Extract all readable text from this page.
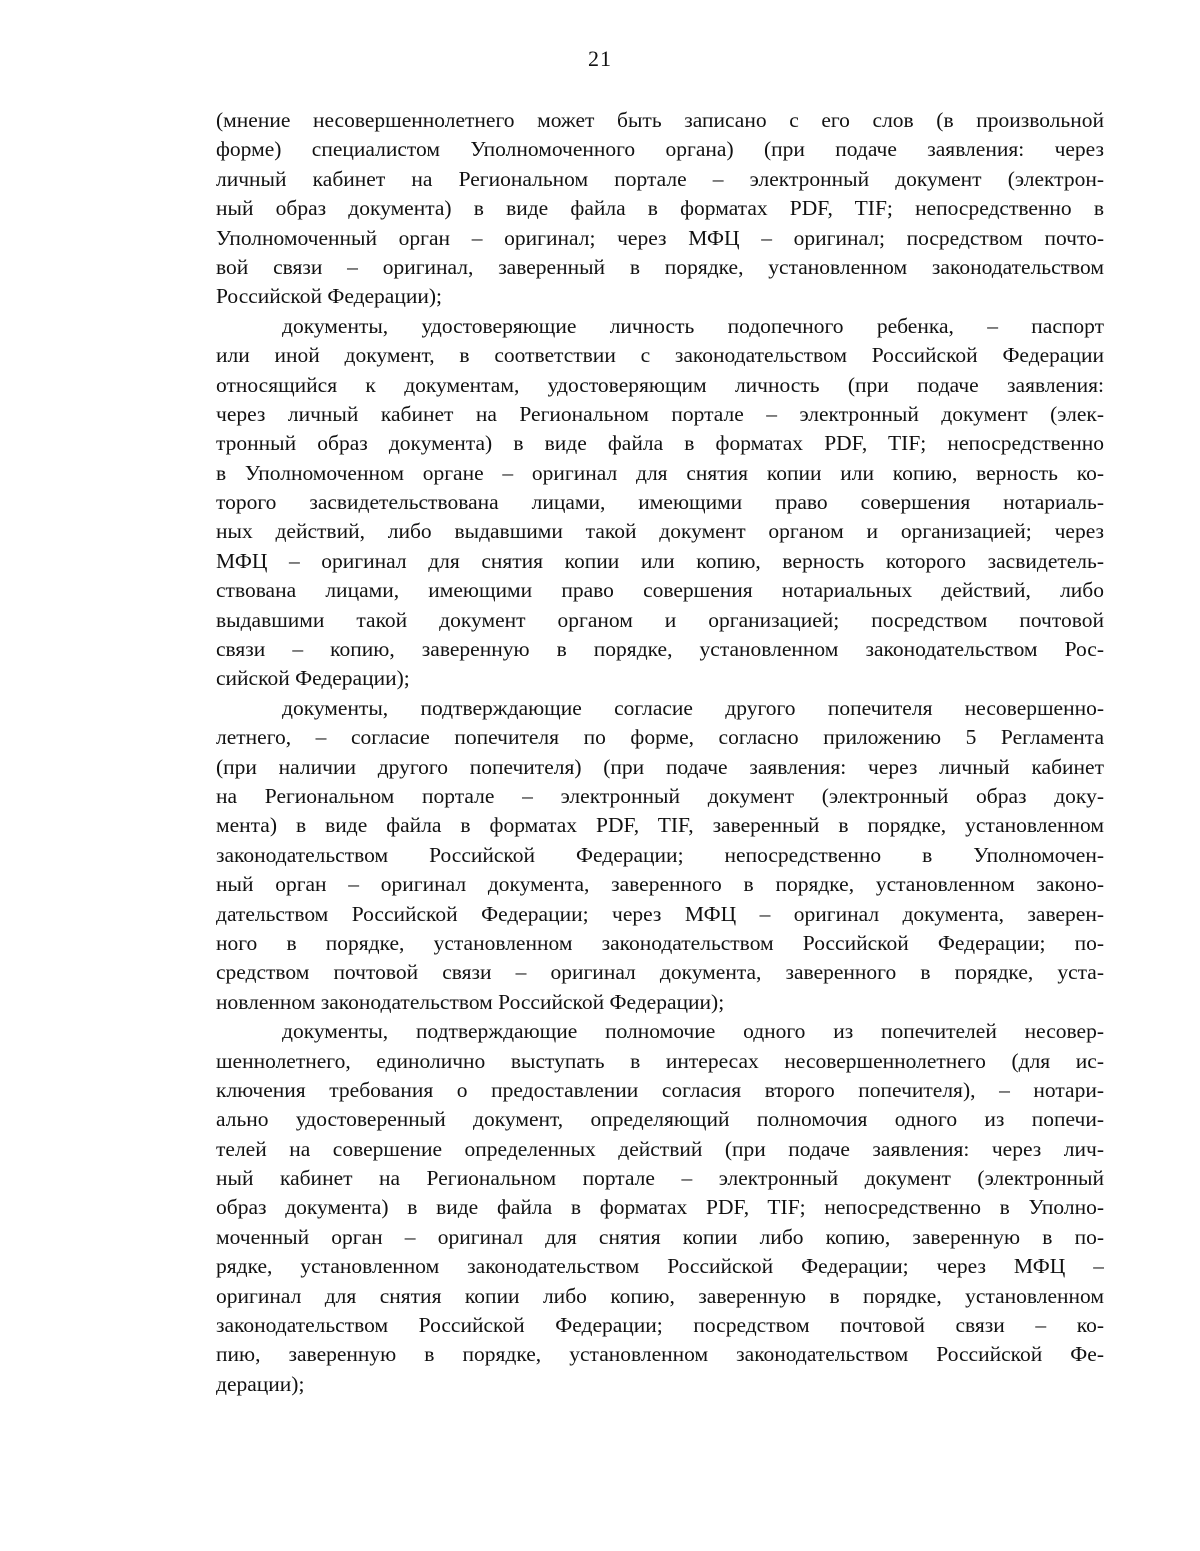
21
(мнение несовершеннолетнего может быть записано с его слов (в произвольной
форме) специалистом Уполномоченного органа) (при подаче заявления: через
личный кабинет на Региональном портале – электронный документ (электрон-
ный образ документа) в виде файла в форматах PDF, TIF; непосредственно в
Уполномоченный орган – оригинал; через МФЦ – оригинал; посредством почто-
вой связи – оригинал, заверенный в порядке, установленном законодательством
Российской Федерации);
документы, удостоверяющие личность подопечного ребенка, – паспорт
или иной документ, в соответствии с законодательством Российской Федерации
относящийся к документам, удостоверяющим личность (при подаче заявления:
через личный кабинет на Региональном портале – электронный документ (элек-
тронный образ документа) в виде файла в форматах PDF, TIF; непосредственно
в Уполномоченном органе – оригинал для снятия копии или копию, верность ко-
торого засвидетельствована лицами, имеющими право совершения нотариаль-
ных действий, либо выдавшими такой документ органом и организацией; через
МФЦ – оригинал для снятия копии или копию, верность которого засвидетель-
ствована лицами, имеющими право совершения нотариальных действий, либо
выдавшими такой документ органом и организацией; посредством почтовой
связи – копию, заверенную в порядке, установленном законодательством Рос-
сийской Федерации);
документы, подтверждающие согласие другого попечителя несовершенно-
летнего, – согласие попечителя по форме, согласно приложению 5 Регламента
(при наличии другого попечителя) (при подаче заявления: через личный кабинет
на Региональном портале – электронный документ (электронный образ доку-
мента) в виде файла в форматах PDF, TIF, заверенный в порядке, установленном
законодательством Российской Федерации; непосредственно в Уполномочен-
ный орган – оригинал документа, заверенного в порядке, установленном законо-
дательством Российской Федерации; через МФЦ – оригинал документа, заверен-
ного в порядке, установленном законодательством Российской Федерации; по-
средством почтовой связи – оригинал документа, заверенного в порядке, уста-
новленном законодательством Российской Федерации);
документы, подтверждающие полномочие одного из попечителей несовер-
шеннолетнего, единолично выступать в интересах несовершеннолетнего (для ис-
ключения требования о предоставлении согласия второго попечителя), – нотари-
ально удостоверенный документ, определяющий полномочия одного из попечи-
телей на совершение определенных действий (при подаче заявления: через лич-
ный кабинет на Региональном портале – электронный документ (электронный
образ документа) в виде файла в форматах PDF, TIF; непосредственно в Уполно-
моченный орган – оригинал для снятия копии либо копию, заверенную в по-
рядке, установленном законодательством Российской Федерации; через МФЦ –
оригинал для снятия копии либо копию, заверенную в порядке, установленном
законодательством Российской Федерации; посредством почтовой связи – ко-
пию, заверенную в порядке, установленном законодательством Российской Фе-
дерации);
